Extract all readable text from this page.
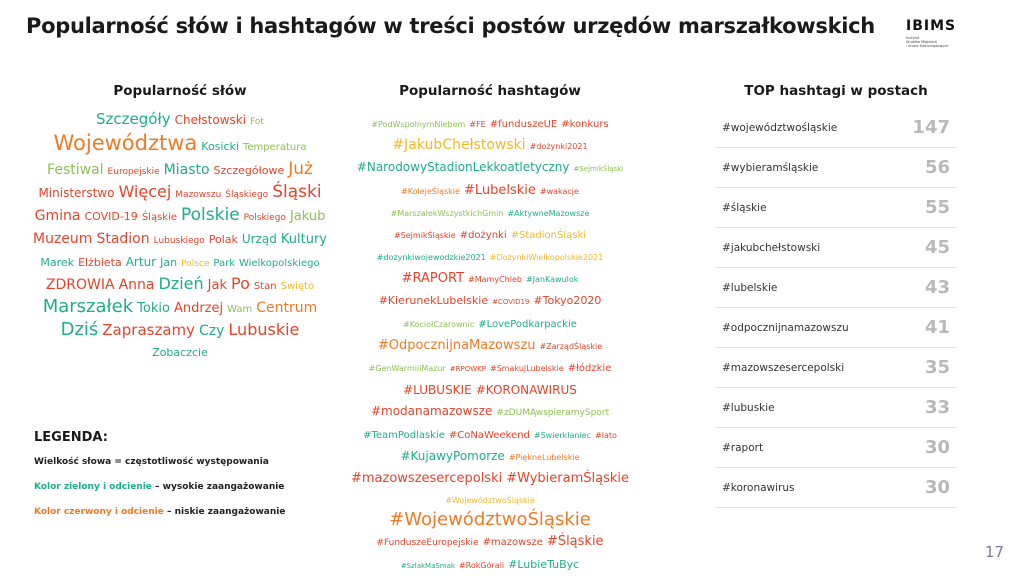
Popularność słów i hashtagów w treści postów urzędów marszałkowskich IBIMS
Instytut
Studiów Miejskich
i Analiz Samorządowych
Popularność słów	Popularność hashtagów	TOP hashtagi w postach
Szczegóły Chełstowski Fot
Województwa Kosicki Temperatura
Festiwal Europejskie Miasto Szczegółowe Już
Ministerstwo Więcej Mazowszu Śląskiego Śląski
Gmina COVID-19 Śląskie Polskie Polskiego Jakub
Muzeum Stadion Lubuskiego Polak Urząd Kultury
Marek Elżbieta Artur Jan Polsce Park Wielkopolskiego
ZDROWIA Anna Dzień Jak Po Stan Święto
Marszałek Tokio Andrzej Wam Centrum
Dziś Zapraszamy Czy Lubuskie
Zobaczcie
#PodWspolnymNiebem #FE #funduszeUE #konkurs
#JakubChełstowski #dożynki2021
#NarodowyStadionLekkoatletyczny #SejmikŚląski
#KolejeŚląskie #Lubelskie #wakacje
#MarszałekWszystkichGmin #AktywneMazowsze
#SejmikŚląskie #dożynki #StadionŚląski
#dozynkiwojewodzkie2021 #DożynkiWielkopolskie2021
#RAPORT #MamyChleb #JanKawulok
#KierunekLubelskie #COVID19 #Tokyo2020
#KociołCzarownic #LovePodkarpackie
#OdpocznijnaMazowszu #ZarządŚląskie
#GenWarmiiiMazur #RPOWKP #SmakujLubelskie #łódzkie
#LUBUSKIE #KORONAWIRUS
#modanamazowsze #zDUMĄwspieramySport
#TeamPodlaskie #CoNaWeekend #Swierklaniec #lato
#KujawyPomorze #PiękneLubelskie
#mazowszesercepolski #WybieramŚląskie
#WojewództwoŚląskie
#WojewództwoŚląskie
#FunduszeEuropejskie #mazowsze #Śląskie
#SzlakMaSmak #RokGórali #LubieTuByc
#województwośląskie	147
#wybieramśląskie	56
#śląskie	55
#jakubchełstowski	45
#lubelskie	43
#odpocznijnamazowszu	41
#mazowszesercepolski	35
#lubuskie	33
#raport	30
#koronawirus	30
LEGENDA:
Wielkość słowa = częstotliwość występowania
Kolor zielony i odcienie – wysokie zaangażowanie
Kolor czerwony i odcienie – niskie zaangażowanie
17
